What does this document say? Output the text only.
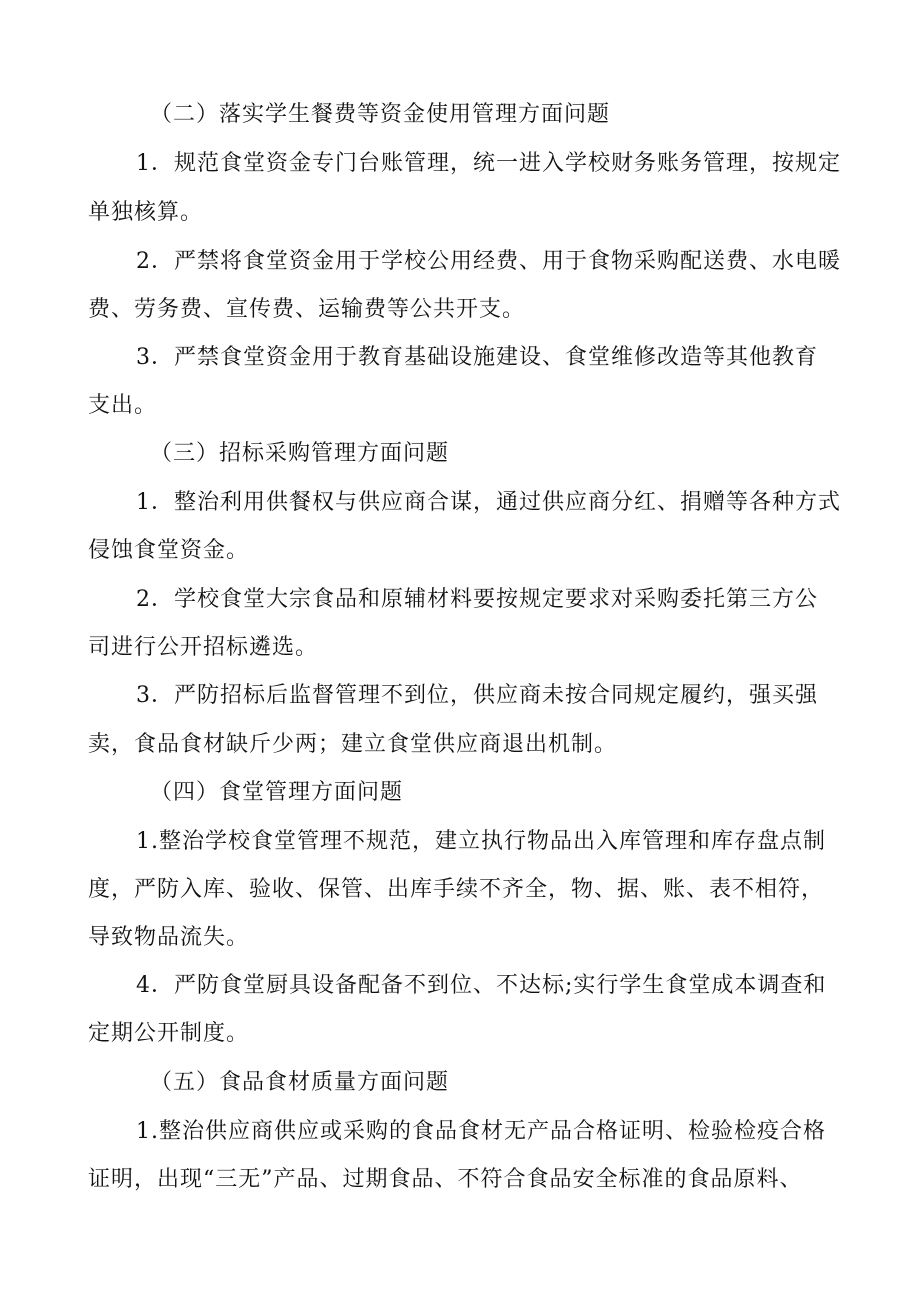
（二）落实学生餐费等资金使用管理方面问题
1．规范食堂资金专门台账管理，统一进入学校财务账务管理，按规定
单独核算。
2．严禁将食堂资金用于学校公用经费、用于食物采购配送费、水电暖
费、劳务费、宣传费、运输费等公共开支。
3．严禁食堂资金用于教育基础设施建设、食堂维修改造等其他教育
支出。
（三）招标采购管理方面问题
1．整治利用供餐权与供应商合谋，通过供应商分红、捐赠等各种方式
侵蚀食堂资金。
2．学校食堂大宗食品和原辅材料要按规定要求对采购委托第三方公
司进行公开招标遴选。
3．严防招标后监督管理不到位，供应商未按合同规定履约，强买强
卖，食品食材缺斤少两；建立食堂供应商退出机制。
（四）食堂管理方面问题
1.整治学校食堂管理不规范，建立执行物品出入库管理和库存盘点制
度，严防入库、验收、保管、出库手续不齐全，物、据、账、表不相符，
导致物品流失。
4．严防食堂厨具设备配备不到位、不达标;实行学生食堂成本调查和
定期公开制度。
（五）食品食材质量方面问题
1.整治供应商供应或采购的食品食材无产品合格证明、检验检疫合格
证明，出现“三无”产品、过期食品、不符合食品安全标准的食品原料、
